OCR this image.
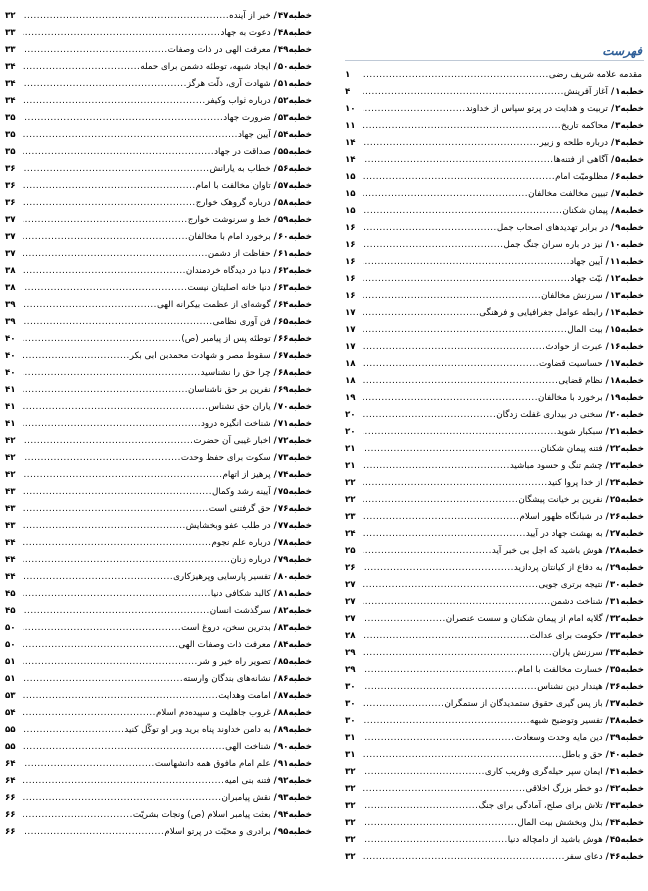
خطبه
۴۷
/
خبر از آینده
.....
۳۲
خطبه
۴۸
/
دعوت به جهاد
.....
۳۳
خطبه
۴۹
/
معرفت الهی در ذات وصفات
.....
۳۳
خطبه
۵۰
/
ایجاد شبهه، توطئه دشمن برای حمله
.....
۳۴
خطبه
۵۱
/
شهادت آری، ذلّت هرگز
.....
۳۴
خطبه
۵۲
/
درباره ثواب وکیفر
.....
۳۴
خطبه
۵۳
/
ضرورت جهاد
.....
۳۵
خطبه
۵۴
/
آیین جهاد
.....
۳۵
خطبه
۵۵
/
صداقت در جهاد
.....
۳۵
خطبه
۵۶
/
خطاب به یارانش
.....
۳۶
خطبه
۵۷
/
تاوان مخالفت با امام
.....
۳۶
خطبه
۵۸
/
درباره گروهک خوارج
.....
۳۶
خطبه
۵۹
/
خط و سرنوشت خوارج
.....
۳۷
خطبه
۶۰
/
برخورد امام با مخالفان
.....
۳۷
خطبه
۶۱
/
حفاظت از دشمن
.....
۳۷
خطبه
۶۲
/
دنیا در دیدگاه خردمندان
.....
۳۸
خطبه
۶۳
/
دنیا خانه اصلیتان نیست
.....
۳۸
خطبه
۶۴
/
گوشه‌ای از عظمت بیکرانه الهی
.....
۳۹
خطبه
۶۵
/
فن آوری نظامی
.....
۳۹
خطبه
۶۶
/
توطئه پس از پیامبر (ص)
.....
۴۰
خطبه
۶۷
/
سقوط مصر و شهادت محمدبن ابی بکر
.....
۴۰
خطبه
۶۸
/
چرا حق را نشناسید
.....
۴۰
خطبه
۶۹
/
نفرین بر حق ناشناسان
.....
۴۱
خطبه
۷۰
/
یاران حق نشناس
.....
۴۱
خطبه
۷۱
/
شناخت انگیزه درود
.....
۴۱
خطبه
۷۲
/
اخبار غیبی آن حضرت
.....
۴۲
خطبه
۷۳
/
سکوت برای حفظ وحدت
.....
۴۲
خطبه
۷۴
/
پرهیز از اتهام
.....
۴۲
خطبه
۷۵
/
آیینه رشد وکمال
.....
۴۳
خطبه
۷۶
/
حق گرفتنی است
.....
۴۳
خطبه
۷۷
/
در طلب عفو وبخشایش
.....
۴۳
خطبه
۷۸
/
درباره علم نجوم
.....
۴۴
خطبه
۷۹
/
درباره زنان
.....
۴۴
خطبه
۸۰
/
تفسیر پارسایی وپرهیزکاری
.....
۴۴
خطبه
۸۱
/
کالبد شکافی دنیا
.....
۴۵
خطبه
۸۲
/
سرگذشت انسان
.....
۴۵
خطبه
۸۳
/
بدترین سخن، دروغ است
.....
۵۰
خطبه
۸۴
/
معرفت ذات وصفات الهی
.....
۵۰
خطبه
۸۵
/
تصویر راه خیر و شر
.....
۵۱
خطبه
۸۶
/
نشانه‌های بندگان وارسته
.....
۵۱
خطبه
۸۷
/
امامت وهدایت
.....
۵۳
خطبه
۸۸
/
غروب جاهلیت و سپیده‌دم اسلام
.....
۵۴
خطبه
۸۹
/
به دامن خداوند پناه برید وبر او توکّل کنید
.....
۵۵
خطبه
۹۰
/
شناخت الهی
.....
۵۵
خطبه
۹۱
/
علم امام مافوق همه دانشهاست
.....
۶۴
خطبه
۹۲
/
فتنه بنی امیه
.....
۶۴
خطبه
۹۳
/
نقش پیامبران
.....
۶۶
خطبه
۹۴
/
بعثت پیامبر اسلام (ص) ونجات بشریّت
.....
۶۶
خطبه
۹۵
/
برادری و محبّت در پرتو اسلام
.....
۶۶
فهرست
مقدمه علامه شریف رضی
.....
۱
خطبه
۱
/
آغاز آفرینش
.....
۴
خطبه
۲
/
تربیت و هدایت در پرتو سپاس از خداوند
.....
۱۰
خطبه
۳
/
محاکمه تاریخ
.....
۱۱
خطبه
۴
/
درباره طلحه و زبیر
.....
۱۴
خطبه
۵
/
آگاهی از فتنه‌ها
.....
۱۴
خطبه
۶
/
مظلومیّت امام
.....
۱۵
خطبه
۷
/
تبیین مخالفت مخالفان
.....
۱۵
خطبه
۸
/
پیمان شکنان
.....
۱۵
خطبه
۹
/
در برابر تهدیدهای اصحاب جمل
.....
۱۶
خطبه
۱۰
/
نیز در باره سران جنگ جمل
.....
۱۶
خطبه
۱۱
/
آیین جهاد
.....
۱۶
خطبه
۱۲
/
نیّت جهاد
.....
۱۶
خطبه
۱۳
/
سرزنش مخالفان
.....
۱۶
خطبه
۱۴
/
رابطه عوامل جغرافیایی و فرهنگی
.....
۱۷
خطبه
۱۵
/
بیت المال
.....
۱۷
خطبه
۱۶
/
عبرت از حوادث
.....
۱۷
خطبه
۱۷
/
حساسیت قضاوت
.....
۱۸
خطبه
۱۸
/
نظام قضایی
.....
۱۸
خطبه
۱۹
/
برخورد با مخالفان
.....
۱۹
خطبه
۲۰
/
سخنی در بیداری غفلت زدگان
.....
۲۰
خطبه
۲۱
/
سبکبار شوید
.....
۲۰
خطبه
۲۲
/
فتنه پیمان شکنان
.....
۲۱
خطبه
۲۳
/
چشم تنگ و حسود مباشید
.....
۲۱
خطبه
۲۴
/
از خدا پروا کنید
.....
۲۲
خطبه
۲۵
/
نفرین بر خیانت پیشگان
.....
۲۲
خطبه
۲۶
/
در شبانگاه ظهور اسلام
.....
۲۳
خطبه
۲۷
/
به بهشت جهاد در آیید
.....
۲۴
خطبه
۲۸
/
هوش باشید که اجل بی خبر آید
.....
۲۵
خطبه
۲۹
/
به دفاع از کیانتان پردازید
.....
۲۶
خطبه
۳۰
/
نتیجه برتری جویی
.....
۲۷
خطبه
۳۱
/
شناخت دشمن
.....
۲۷
خطبه
۳۲
/
گلایه امام از پیمان شکنان و سست عنصران
.....
۲۷
خطبه
۳۳
/
حکومت برای عدالت
.....
۲۸
خطبه
۳۴
/
سرزنش یاران
.....
۲۹
خطبه
۳۵
/
خسارت مخالفت با امام
.....
۲۹
خطبه
۳۶
/
هیندار دین نشناس
.....
۳۰
خطبه
۳۷
/
باز پس گیری حقوق ستمدیدگان از ستمگران
.....
۳۰
خطبه
۳۸
/
تفسیر وتوضیح شبهه
.....
۳۰
خطبه
۳۹
/
دین مایه وحدت وسعادت
.....
۳۱
خطبه
۴۰
/
حق و باطل
.....
۳۱
خطبه
۴۱
/
ایمان سپر حیله‌گری وفریب کاری
.....
۳۲
خطبه
۴۲
/
دو خطر بزرگ اخلاقی
.....
۳۲
خطبه
۴۳
/
تلاش برای صلح، آمادگی برای جنگ
.....
۳۲
خطبه
۴۴
/
بذل وبخشش بیت المال
.....
۳۲
خطبه
۴۵
/
هوش باشید از دامچاله دنیا
.....
۳۲
خطبه
۴۶
/
دعای سفر
.....
۳۲
